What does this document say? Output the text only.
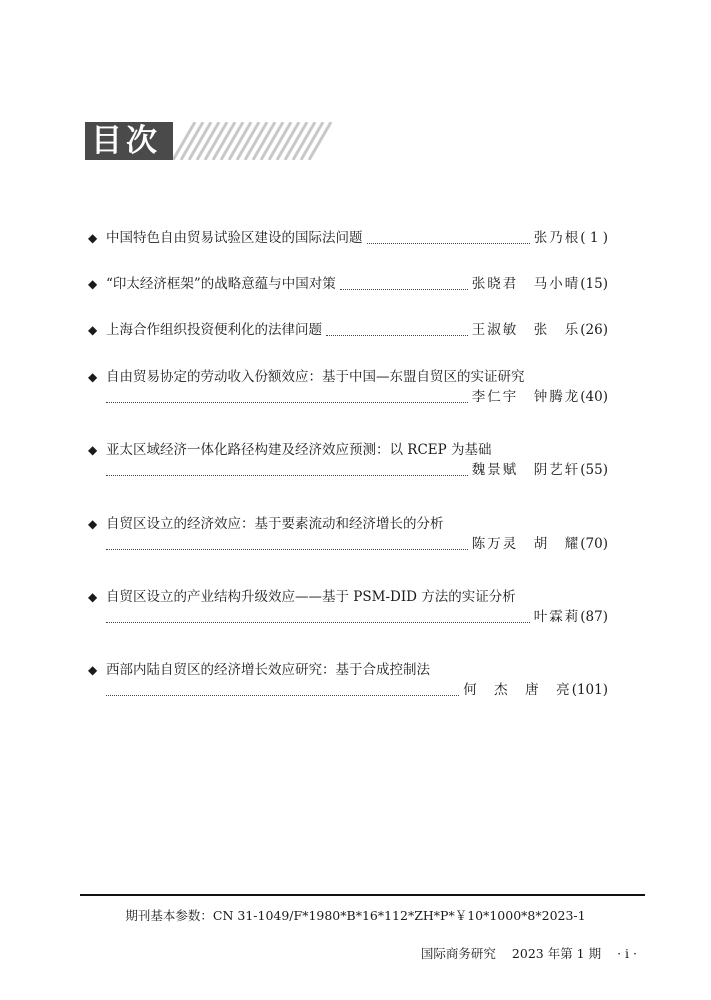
目次
◆ 中国特色自由贸易试验区建设的国际法问题	张乃根 ( 1 )
◆ “印太经济框架”的战略意蕴与中国对策	张晓君　马小晴 (15)
◆ 上海合作组织投资便利化的法律问题	王淑敏　张　乐 (26)
◆ 自由贸易协定的劳动收入份额效应：基于中国—东盟自贸区的实证研究
李仁宇　钟腾龙 (40)
◆ 亚太区域经济一体化路径构建及经济效应预测：以 RCEP 为基础
魏景赋　阴艺轩 (55)
◆ 自贸区设立的经济效应：基于要素流动和经济增长的分析
陈万灵　胡　耀 (70)
◆ 自贸区设立的产业结构升级效应——基于 PSM-DID 方法的实证分析
叶霖莉 (87)
◆ 西部内陆自贸区的经济增长效应研究：基于合成控制法
何　杰　唐　亮 (101)
期刊基本参数：CN 31-1049/F*1980*B*16*112*ZH*P*￥10*1000*8*2023-1
国际商务研究 2023 年第 1 期 · i ·
